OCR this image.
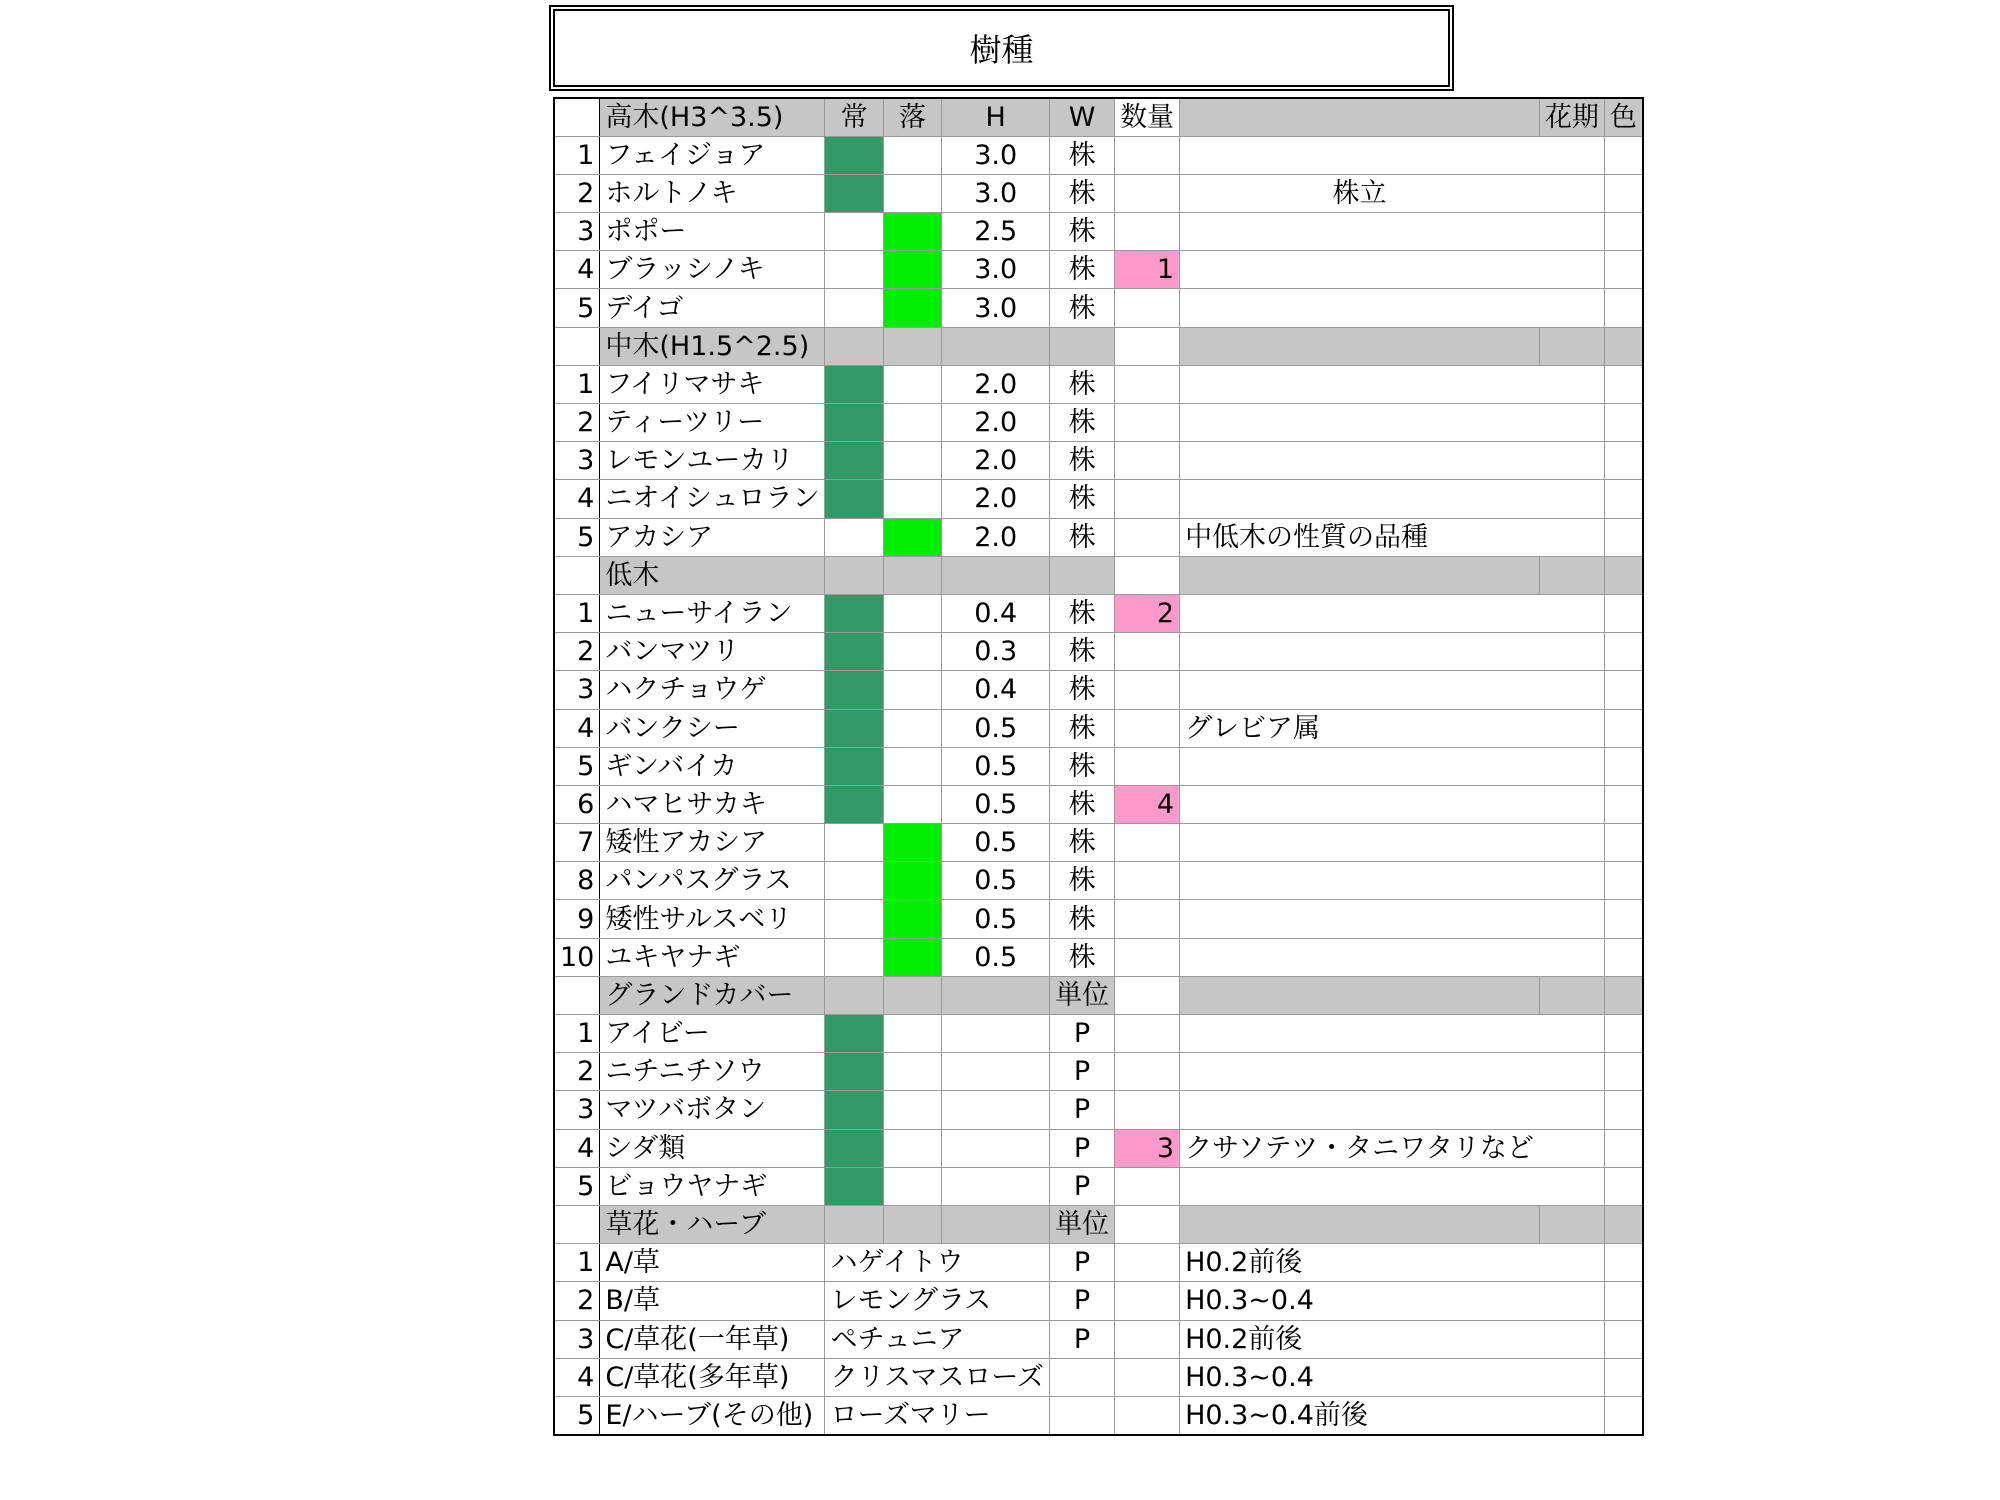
樹種
	高木(H3^3.5)	常	落	H	W	数量		花期	色
1	フェイジョア			3.0	株				
2	ホルトノキ			3.0	株		株立		
3	ポポー			2.5	株				
4	ブラッシノキ			3.0	株	1			
5	デイゴ			3.0	株				
	中木(H1.5^2.5)								
1	フイリマサキ			2.0	株				
2	ティーツリー			2.0	株				
3	レモンユーカリ			2.0	株				
4	ニオイシュロラン			2.0	株				
5	アカシア			2.0	株		中低木の性質の品種		
	低木								
1	ニューサイラン			0.4	株	2			
2	バンマツリ			0.3	株				
3	ハクチョウゲ			0.4	株				
4	バンクシー			0.5	株		グレビア属		
5	ギンバイカ			0.5	株				
6	ハマヒサカキ			0.5	株	4			
7	矮性アカシア			0.5	株				
8	パンパスグラス			0.5	株				
9	矮性サルスベリ			0.5	株				
10	ユキヤナギ			0.5	株				
	グランドカバー				単位				
1	アイビー				P				
2	ニチニチソウ				P				
3	マツバボタン				P				
4	シダ類				P	3	クサソテツ・タニワタリなど		
5	ビョウヤナギ				P				
	草花・ハーブ				単位				
1	A/草	ハゲイトウ			P		H0.2前後		
2	B/草	レモングラス			P		H0.3~0.4		
3	C/草花(一年草)	ペチュニア			P		H0.2前後		
4	C/草花(多年草)	クリスマスローズ					H0.3~0.4		
5	E/ハーブ(その他)	ローズマリー					H0.3~0.4前後		
